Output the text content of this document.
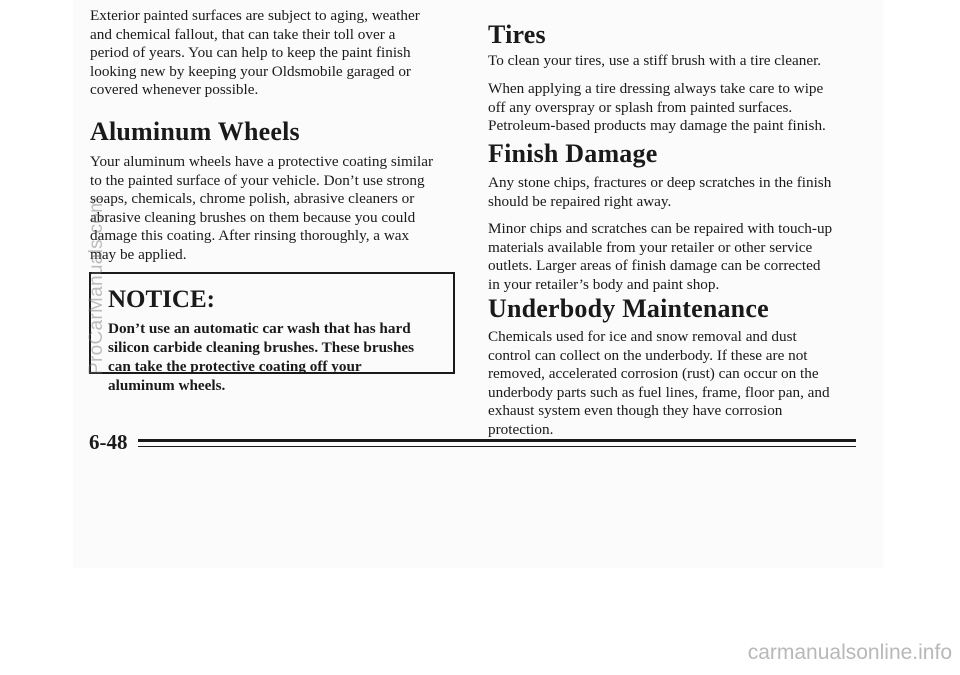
Exterior painted surfaces are subject to aging, weather
and chemical fallout, that can take their toll over a
period of years. You can help to keep the paint finish
looking new by keeping your Oldsmobile garaged or
covered whenever possible.

Aluminum Wheels

Your aluminum wheels have a protective coating similar
to the painted surface of your vehicle. Don’t use strong
soaps, chemicals, chrome polish, abrasive cleaners or
abrasive cleaning brushes on them because you could
damage this coating. After rinsing thoroughly, a wax
may be applied.

NOTICE:
Don’t use an automatic car wash that has hard
silicon carbide cleaning brushes. These brushes
can take the protective coating off your
aluminum wheels.
Tires

To clean your tires, use a stiff brush with a tire cleaner.

When applying a tire dressing always take care to wipe
off any overspray or splash from painted surfaces.
Petroleum-based products may damage the paint finish.

Finish Damage

Any stone chips, fractures or deep scratches in the finish
should be repaired right away.

Minor chips and scratches can be repaired with touch-up
materials available from your retailer or other service
outlets. Larger areas of finish damage can be corrected
in your retailer’s body and paint shop.

Underbody Maintenance

Chemicals used for ice and snow removal and dust
control can collect on the underbody. If these are not
removed, accelerated corrosion (rust) can occur on the
underbody parts such as fuel lines, frame, floor pan, and
exhaust system even though they have corrosion
protection.

6-48
ProCarManuals.com
carmanualsonline.info
